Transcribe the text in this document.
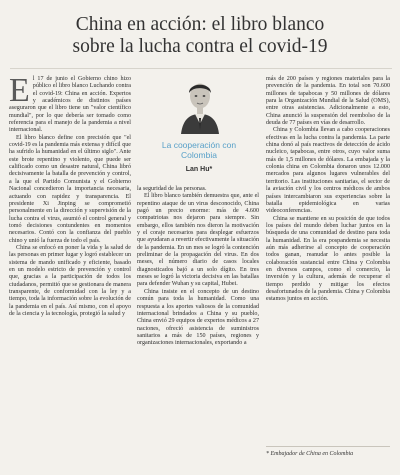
China en acción: el libro blanco
sobre la lucha contra el covid-19
E l 17 de junio el Gobierno chino hizo público el libro blanco Luchando contra el covid-19: China en acción. Expertos y académicos de distintos países aseguraron que el libro tiene un "valor científico mundial", por lo que debería ser tomado como referencia para el manejo de la pandemia a nivel internacional.

El libro blanco define con precisión que "el covid-19 es la pandemia más extensa y difícil que ha sufrido la humanidad en el último siglo". Ante este brote repentino y violento, que puede ser calificado como un desastre natural, China libró decisivamente la batalla de prevención y control, a la que el Partido Comunista y el Gobierno Nacional concedieron la importancia necesaria, actuando con rapidez y transparencia. El presidente Xi Jinping se comprometió personalmente en la dirección y supervisión de la lucha contra el virus, asumió el control general y tomó decisiones contundentes en momentos necesarios. Contó con la confianza del pueblo chino y unió la fuerza de todo el país.

China se enfocó en poner la vida y la salud de las personas en primer lugar y logró establecer un sistema de mando unificado y eficiente, basado en un modelo estricto de prevención y control que, gracias a la participación de todos los ciudadanos, permitió que se gestionara de manera transparente, de conformidad con la ley y a tiempo, toda la información sobre la evolución de la pandemia en el país. Así mismo, con el apoyo de la ciencia y la tecnología, protegió la salud y

La cooperación con
Colombia
Lan Hu*

la seguridad de las personas.

El libro blanco también demuestra que, ante el repentino ataque de un virus desconocido, China pagó un precio enorme: más de 4.600 compatriotas nos dejaron para siempre. Sin embargo, ellos también nos dieron la motivación y el coraje necesarios para desplegar esfuerzos que ayudaran a revertir efectivamente la situación de la pandemia. En un mes se logró la contención preliminar de la propagación del virus. En dos meses, el número diario de casos locales diagnosticados bajó a un solo dígito. En tres meses se logró la victoria decisiva en las batallas para defender Wuhan y su capital, Hubei.

China insiste en el concepto de un destino común para toda la humanidad. Como una respuesta a los aportes valiosos de la comunidad internacional brindados a China y su pueblo, China envió 29 equipos de expertos médicos a 27 naciones, ofreció asistencia de suministros sanitarios a más de 150 países, regiones y organizaciones internacionales, exportando a

más de 200 países y regiones materiales para la prevención de la pandemia. En total son 70.600 millones de tapabocas y 50 millones de dólares para la Organización Mundial de la Salud (OMS), entre otras asistencias. Adicionalmente a esto, China anunció la suspensión del reembolso de la deuda de 77 países en vías de desarrollo.

China y Colombia llevan a cabo cooperaciones efectivas en la lucha contra la pandemia. La parte china donó al país reactivos de detección de ácido nucleico, tapabocas, entre otros, cuyo valor suma más de 1,5 millones de dólares. La embajada y la colonia china en Colombia donaron unos 12.000 mercados para algunos lugares vulnerables del territorio. Las instituciones sanitarias, el sector de la aviación civil y los centros médicos de ambos países intercambiaron sus experiencias sobre la batalla epidemiológica en varias videoconferencias.

China se mantiene en su posición de que todos los países del mundo deben luchar juntos en la búsqueda de una comunidad de destino para toda la humanidad. En la era pospandemia se necesita aún más adherirse al concepto de cooperación todos ganan, reanudar lo antes posible la colaboración sustancial entre China y Colombia en diversos campos, como el comercio, la inversión y la cultura, además de recuperar el tiempo perdido y mitigar los efectos desafortunados de la pandemia. China y Colombia estamos juntos en acción.

* Embajador de China en Colombia
